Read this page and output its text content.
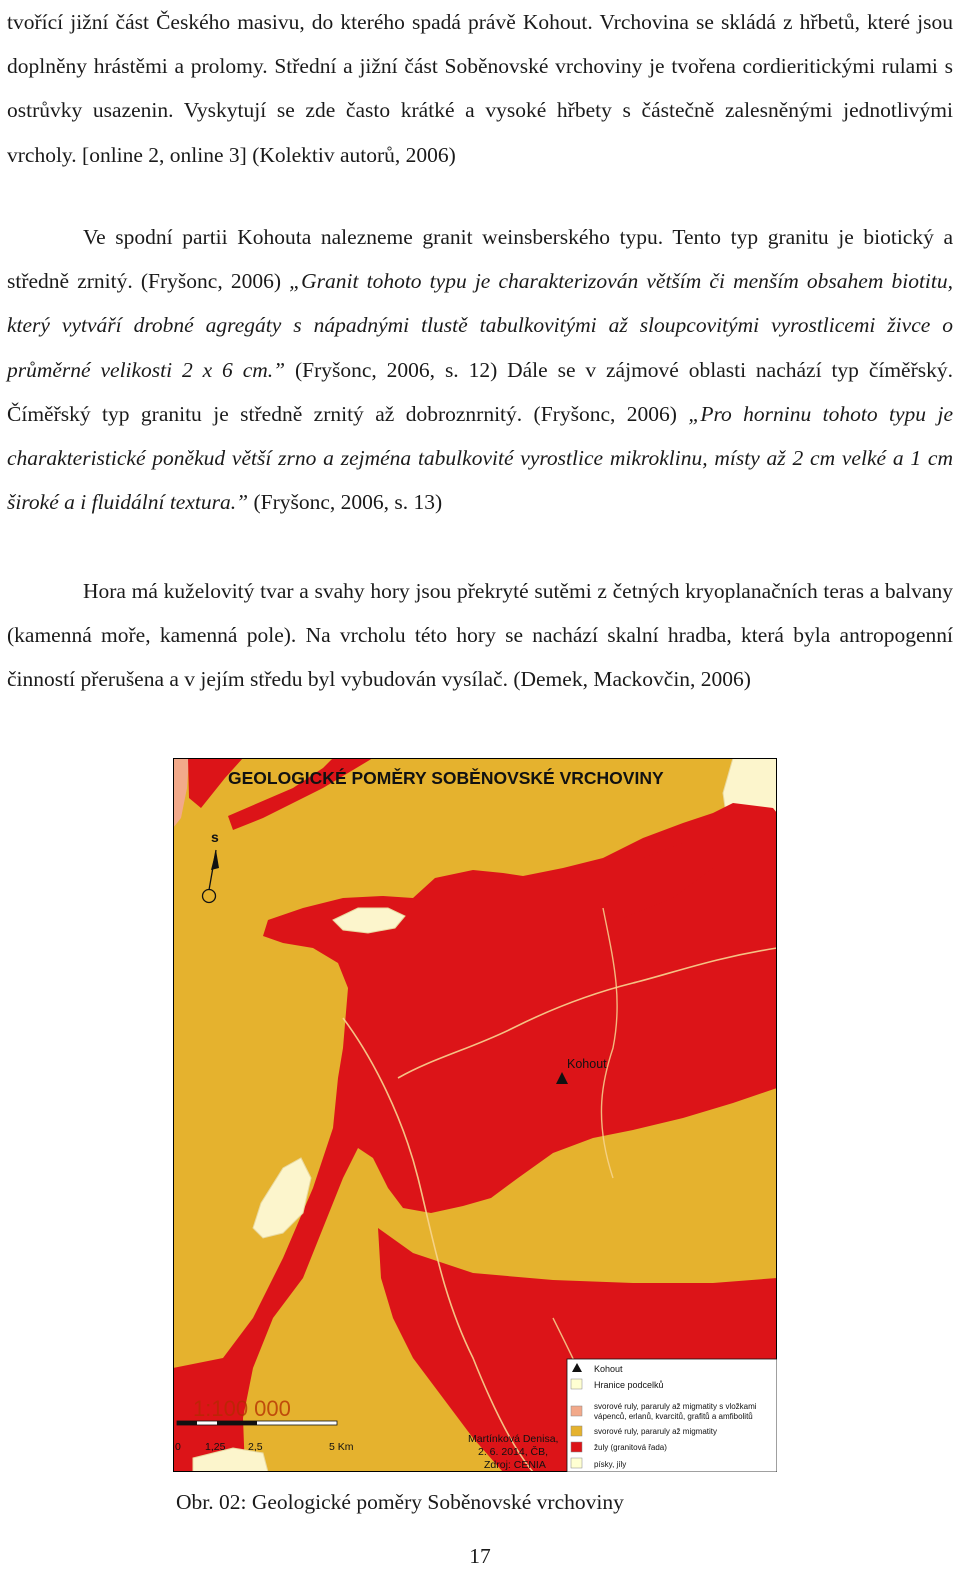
tvořící jižní část Českého masivu, do kterého spadá právě Kohout. Vrchovina se skládá z hřbetů, které jsou doplněny hrástěmi a prolomy. Střední a jižní část Soběnovské vrchoviny je tvořena cordieritickými rulami s ostrůvky usazenin. Vyskytují se zde často krátké a vysoké hřbety s částečně zalesněnými jednotlivými vrcholy. [online 2, online 3] (Kolektiv autorů, 2006)

Ve spodní partii Kohouta nalezneme granit weinsberského typu. Tento typ granitu je biotický a středně zrnitý. (Fryšonc, 2006) „Granit tohoto typu je charakterizován větším či menším obsahem biotitu, který vytváří drobné agregáty s nápadnými tlustě tabulkovitými až sloupcovitými vyrostlicemi živce o průměrné velikosti 2 x 6 cm.” (Fryšonc, 2006, s. 12) Dále se v zájmové oblasti nachází typ číměřský. Číměřský typ granitu je středně zrnitý až dobroznrnitý. (Fryšonc, 2006) „Pro horninu tohoto typu je charakteristické poněkud větší zrno a zejména tabulkovité vyrostlice mikroklinu, místy až 2 cm velké a 1 cm široké a i fluidální textura.” (Fryšonc, 2006, s. 13)

Hora má kuželovitý tvar a svahy hory jsou překryté sutěmi z četných kryoplanačních teras a balvany (kamenná moře, kamenná pole). Na vrcholu této hory se nachází skalní hradba, která byla antropogenní činností přerušena a v jejím středu byl vybudován vysílač. (Demek, Mackovčin, 2006)

GEOLOGICKÉ POMĚRY SOBĚNOVSKÉ VRCHOVINY
s
Kohout
1:100 000
0 1,25 2,5	5 Km
Martínková Denisa,
2. 6. 2014, ČB,
Zdroj: CENIA
Kohout
Hranice podcelků
svorové ruly, pararuly až migmatity s vložkami
vápenců, erlanů, kvarcitů, grafitů a amfibolitů
svorové ruly, pararuly až migmatity
žuly (granitová řada)
písky, jíly
Obr. 02: Geologické poměry Soběnovské vrchoviny
17
